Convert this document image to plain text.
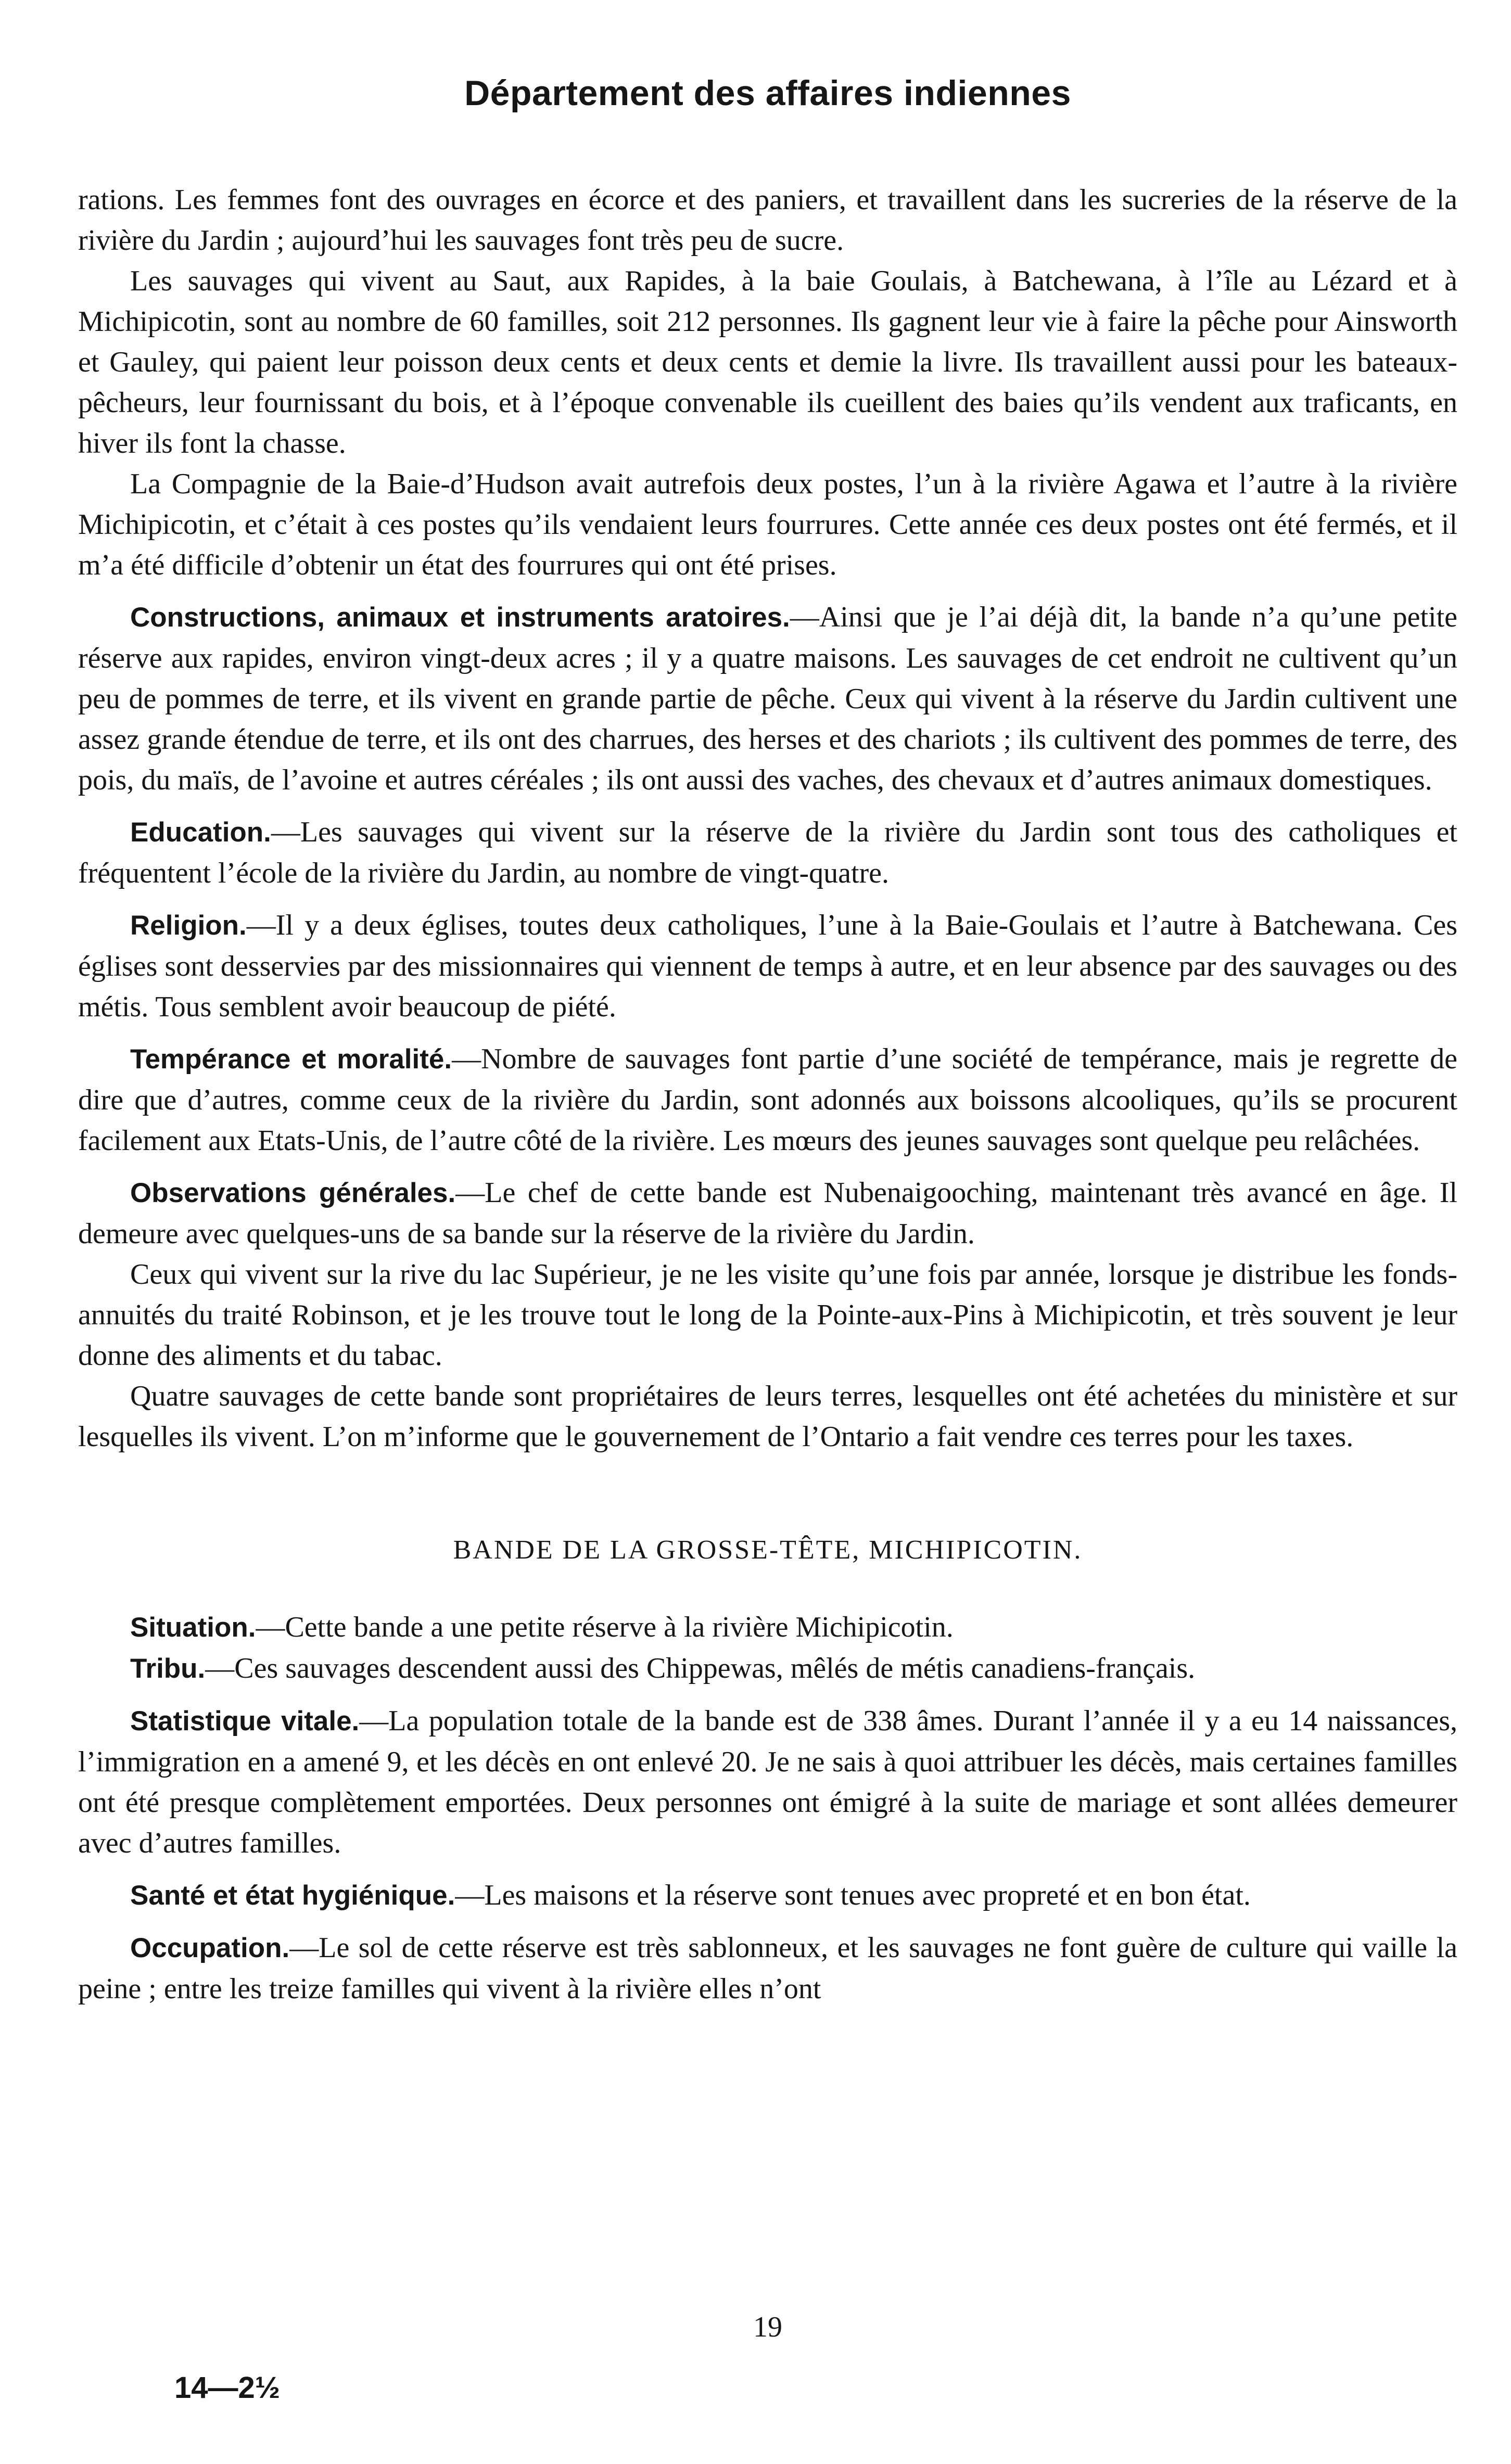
Département des affaires indiennes

rations. Les femmes font des ouvrages en écorce et des paniers, et travaillent dans les sucreries de la réserve de la rivière du Jardin ; aujourd’hui les sauvages font très peu de sucre.

Les sauvages qui vivent au Saut, aux Rapides, à la baie Goulais, à Batchewana, à l’île au Lézard et à Michipicotin, sont au nombre de 60 familles, soit 212 personnes. Ils gagnent leur vie à faire la pêche pour Ainsworth et Gauley, qui paient leur poisson deux cents et deux cents et demie la livre. Ils travaillent aussi pour les bateaux-pêcheurs, leur fournissant du bois, et à l’époque convenable ils cueillent des baies qu’ils vendent aux traficants, en hiver ils font la chasse.

La Compagnie de la Baie-d’Hudson avait autrefois deux postes, l’un à la rivière Agawa et l’autre à la rivière Michipicotin, et c’était à ces postes qu’ils vendaient leurs fourrures. Cette année ces deux postes ont été fermés, et il m’a été difficile d’obtenir un état des fourrures qui ont été prises.

Constructions, animaux et instruments aratoires.—Ainsi que je l’ai déjà dit, la bande n’a qu’une petite réserve aux rapides, environ vingt-deux acres ; il y a quatre maisons. Les sauvages de cet endroit ne cultivent qu’un peu de pommes de terre, et ils vivent en grande partie de pêche. Ceux qui vivent à la réserve du Jardin cultivent une assez grande étendue de terre, et ils ont des charrues, des herses et des chariots ; ils cultivent des pommes de terre, des pois, du maïs, de l’avoine et autres céréales ; ils ont aussi des vaches, des chevaux et d’autres animaux domestiques.

Education.—Les sauvages qui vivent sur la réserve de la rivière du Jardin sont tous des catholiques et fréquentent l’école de la rivière du Jardin, au nombre de vingt-quatre.

Religion.—Il y a deux églises, toutes deux catholiques, l’une à la Baie-Goulais et l’autre à Batchewana. Ces églises sont desservies par des missionnaires qui viennent de temps à autre, et en leur absence par des sauvages ou des métis. Tous semblent avoir beaucoup de piété.

Tempérance et moralité.—Nombre de sauvages font partie d’une société de tempérance, mais je regrette de dire que d’autres, comme ceux de la rivière du Jardin, sont adonnés aux boissons alcooliques, qu’ils se procurent facilement aux Etats-Unis, de l’autre côté de la rivière. Les mœurs des jeunes sauvages sont quelque peu relâchées.

Observations générales.—Le chef de cette bande est Nubenaigooching, maintenant très avancé en âge. Il demeure avec quelques-uns de sa bande sur la réserve de la rivière du Jardin.

Ceux qui vivent sur la rive du lac Supérieur, je ne les visite qu’une fois par année, lorsque je distribue les fonds-annuités du traité Robinson, et je les trouve tout le long de la Pointe-aux-Pins à Michipicotin, et très souvent je leur donne des aliments et du tabac.

Quatre sauvages de cette bande sont propriétaires de leurs terres, lesquelles ont été achetées du ministère et sur lesquelles ils vivent. L’on m’informe que le gouvernement de l’Ontario a fait vendre ces terres pour les taxes.

BANDE DE LA GROSSE-TÊTE, MICHIPICOTIN.

Situation.—Cette bande a une petite réserve à la rivière Michipicotin.

Tribu.—Ces sauvages descendent aussi des Chippewas, mêlés de métis canadiens-français.

Statistique vitale.—La population totale de la bande est de 338 âmes. Durant l’année il y a eu 14 naissances, l’immigration en a amené 9, et les décès en ont enlevé 20. Je ne sais à quoi attribuer les décès, mais certaines familles ont été presque complètement emportées. Deux personnes ont émigré à la suite de mariage et sont allées demeurer avec d’autres familles.

Santé et état hygiénique.—Les maisons et la réserve sont tenues avec propreté et en bon état.

Occupation.—Le sol de cette réserve est très sablonneux, et les sauvages ne font guère de culture qui vaille la peine ; entre les treize familles qui vivent à la rivière elles n’ont

19
14—2½
